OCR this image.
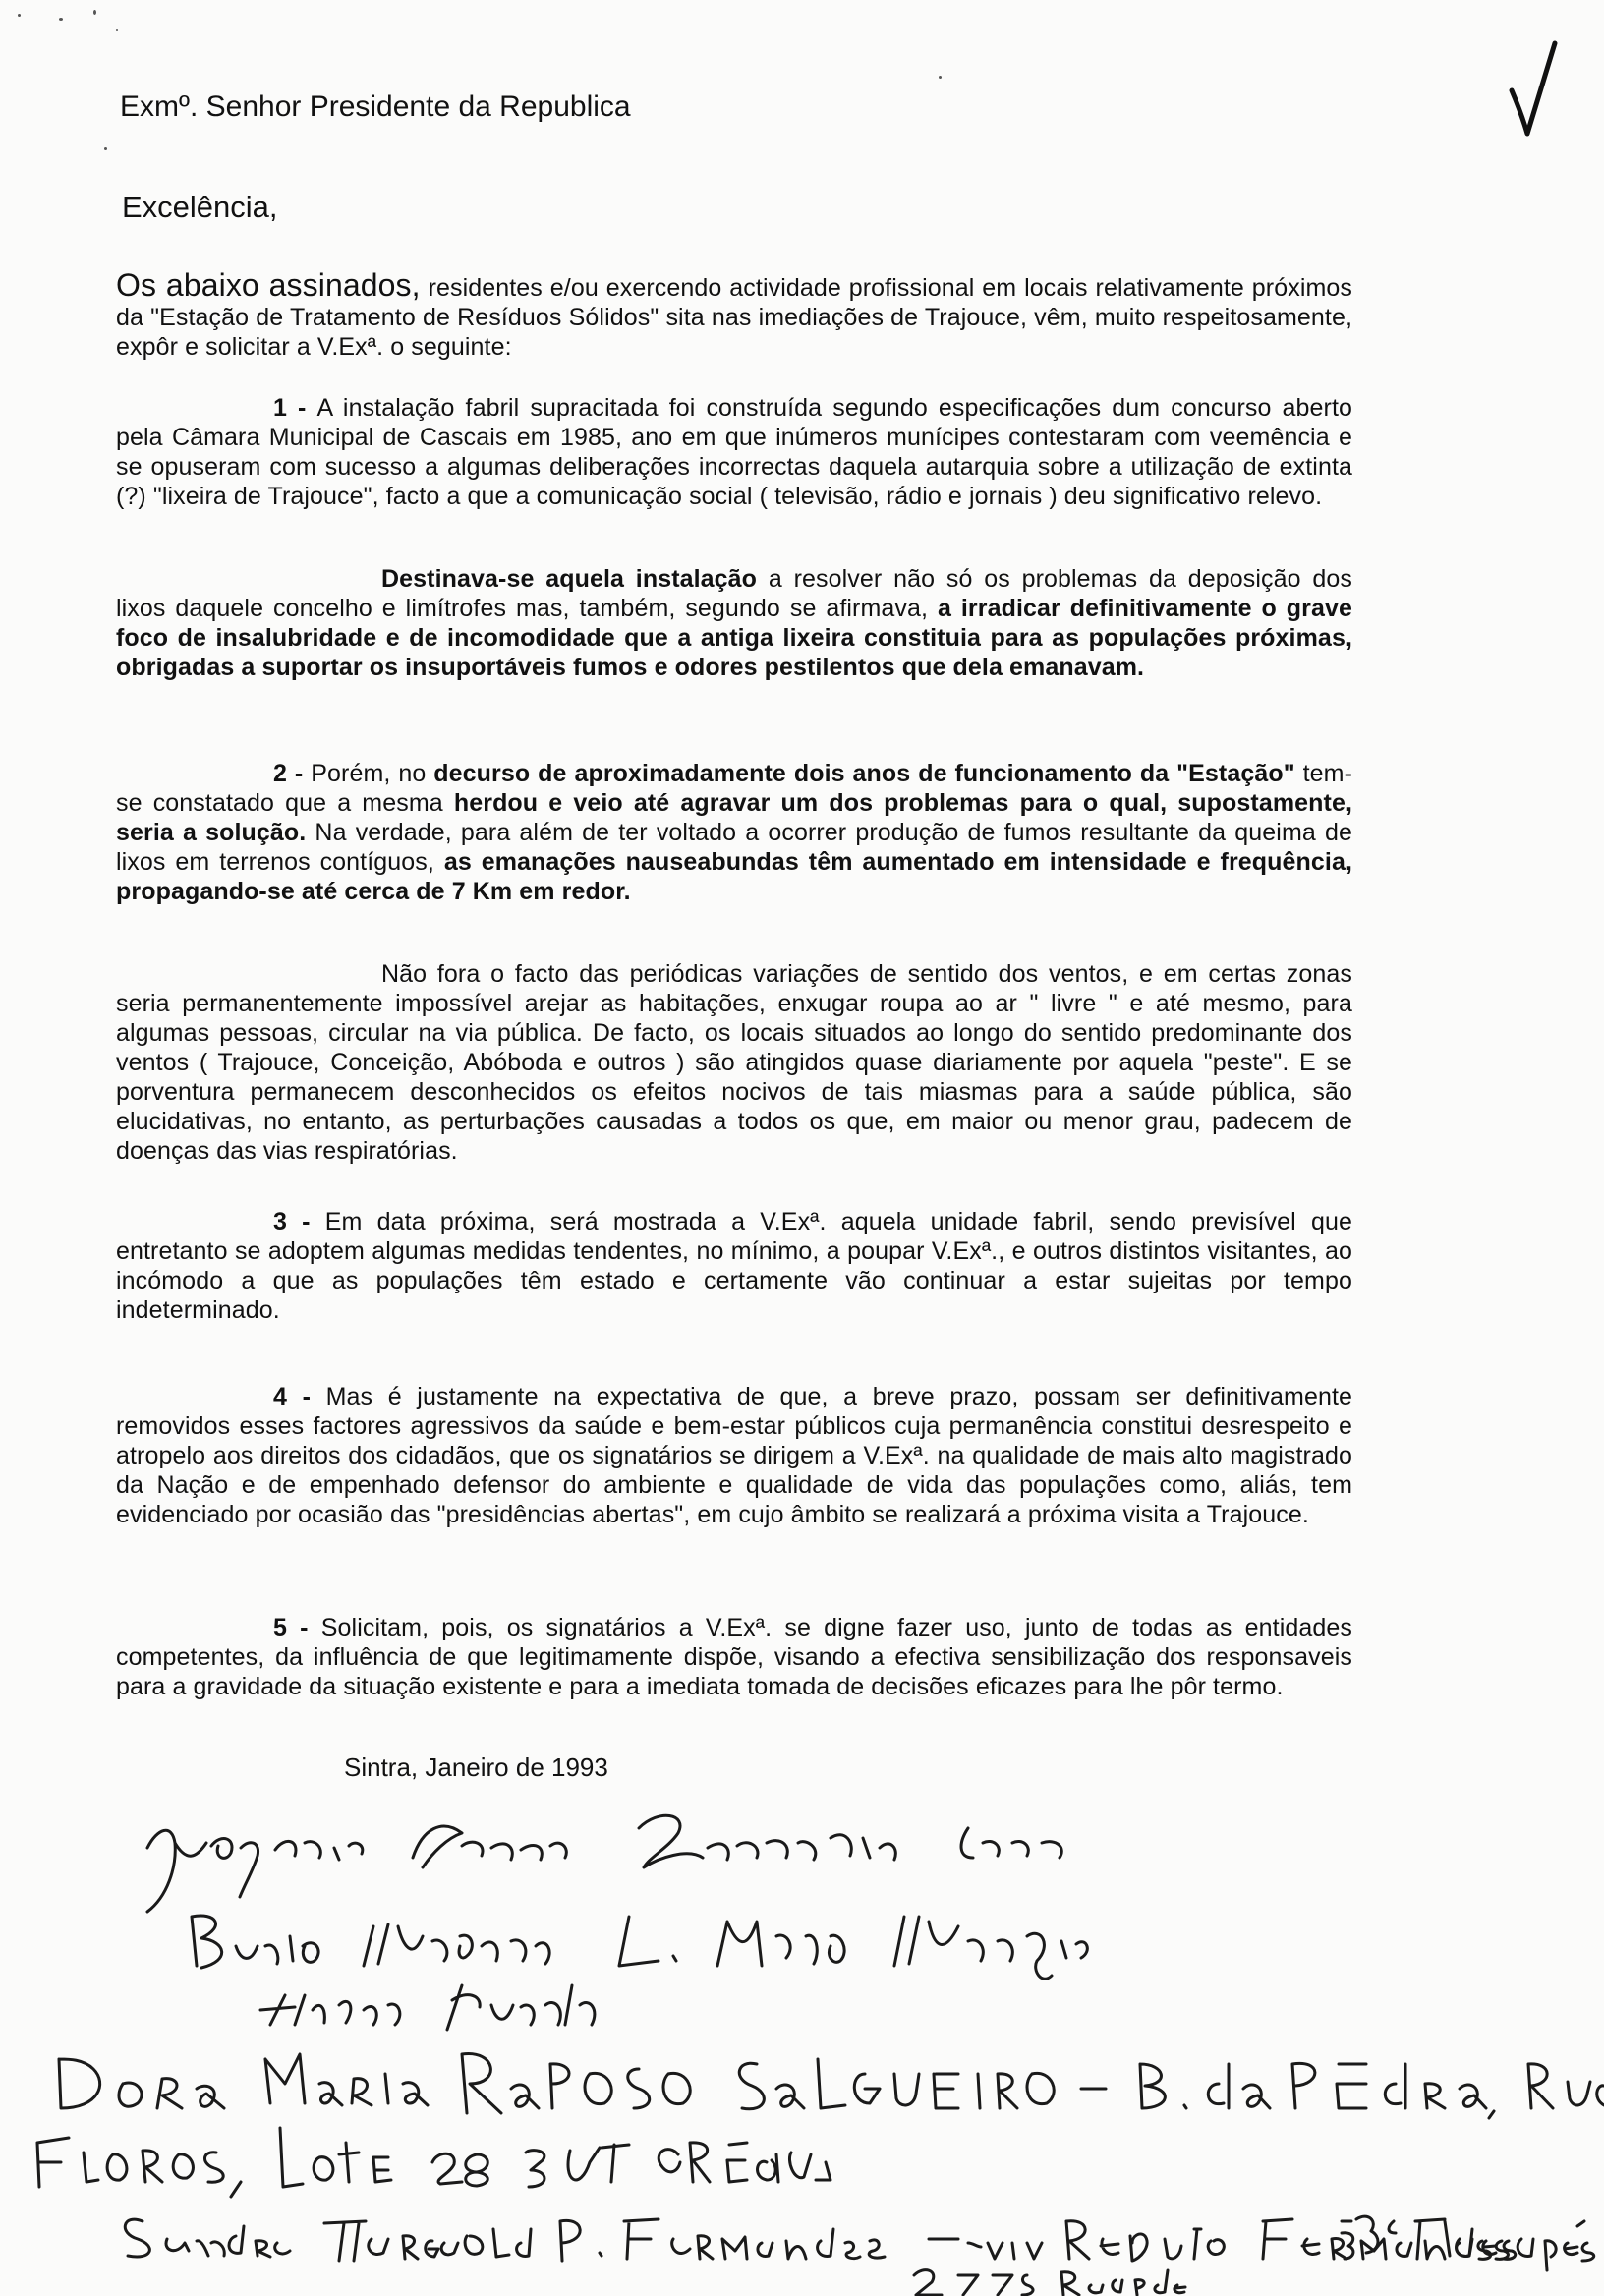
Exmº. Senhor Presidente da Republica
Excelência,
Os abaixo assinados, residentes e/ou exercendo actividade profissional em locais relativamente próximos da "Estação de Tratamento de Resíduos Sólidos" sita nas imediações de Trajouce, vêm, muito respeitosamente, expôr e solicitar a V.Exª. o seguinte:
1 - A instalação fabril supracitada foi construída segundo especificações dum concurso aberto pela Câmara Municipal de Cascais em 1985, ano em que inúmeros munícipes contestaram com veemência e se opuseram com sucesso a algumas deliberações incorrectas daquela autarquia sobre a utilização de extinta (?) "lixeira de Trajouce", facto a que a comunicação social ( televisão, rádio e jornais ) deu significativo relevo.
Destinava-se aquela instalação a resolver não só os problemas da deposição dos lixos daquele concelho e limítrofes mas, também, segundo se afirmava, a irradicar definitivamente o grave foco de insalubridade e de incomodidade que a antiga lixeira constituia para as populações próximas, obrigadas a suportar os insuportáveis fumos e odores pestilentos que dela emanavam.
2 - Porém, no decurso de aproximadamente dois anos de funcionamento da "Estação" tem-se constatado que a mesma herdou e veio até agravar um dos problemas para o qual, supostamente, seria a solução. Na verdade, para além de ter voltado a ocorrer produção de fumos resultante da queima de lixos em terrenos contíguos, as emanações nauseabundas têm aumentado em intensidade e frequência, propagando-se até cerca de 7 Km em redor.
Não fora o facto das periódicas variações de sentido dos ventos, e em certas zonas seria permanentemente impossível arejar as habitações, enxugar roupa ao ar " livre " e até mesmo, para algumas pessoas, circular na via pública. De facto, os locais situados ao longo do sentido predominante dos ventos ( Trajouce, Conceição, Abóboda e outros ) são atingidos quase diariamente por aquela "peste". E se porventura permanecem desconhecidos os efeitos nocivos de tais miasmas para a saúde pública, são elucidativas, no entanto, as perturbações causadas a todos os que, em maior ou menor grau, padecem de doenças das vias respiratórias.
3 - Em data próxima, será mostrada a V.Exª. aquela unidade fabril, sendo previsível que entretanto se adoptem algumas medidas tendentes, no mínimo, a poupar V.Exª., e outros distintos visitantes, ao incómodo a que as populações têm estado e certamente vão continuar a estar sujeitas por tempo indeterminado.
4 - Mas é justamente na expectativa de que, a breve prazo, possam ser definitivamente removidos esses factores agressivos da saúde e bem-estar públicos cuja permanência constitui desrespeito e atropelo aos direitos dos cidadãos, que os signatários se dirigem a V.Exª. na qualidade de mais alto magistrado da Nação e de empenhado defensor do ambiente e qualidade de vida das populações como, aliás, tem evidenciado por ocasião das "presidências abertas", em cujo âmbito se realizará a próxima visita a Trajouce.
5 - Solicitam, pois, os signatários a V.Exª. se digne fazer uso, junto de todas as entidades competentes, da influência de que legitimamente dispõe, visando a efectiva sensibilização dos responsaveis para a gravidade da situação existente e para a imediata tomada de decisões eficazes para lhe pôr termo.
Sintra, Janeiro de 1993
